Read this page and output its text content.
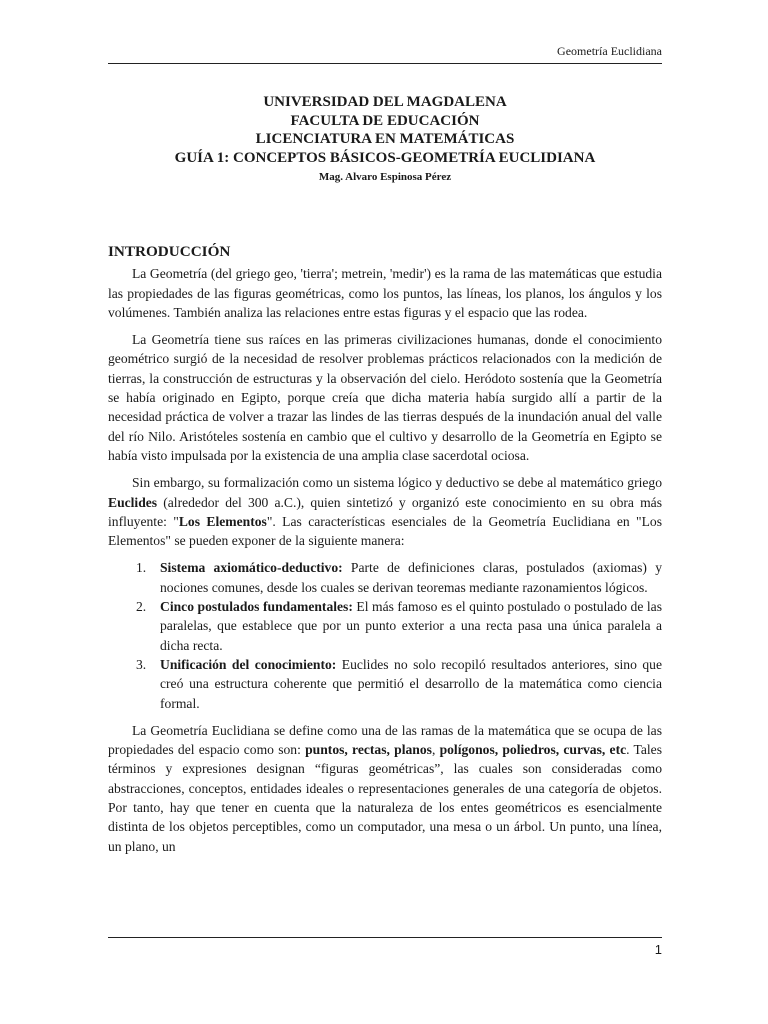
Geometría Euclidiana
UNIVERSIDAD DEL MAGDALENA
FACULTA DE EDUCACIÓN
LICENCIATURA EN MATEMÁTICAS
GUÍA 1: CONCEPTOS BÁSICOS-GEOMETRÍA EUCLIDIANA
Mag. Alvaro Espinosa Pérez
INTRODUCCIÓN

La Geometría (del griego geo, 'tierra'; metrein, 'medir') es la rama de las matemáticas que estudia las propiedades de las figuras geométricas, como los puntos, las líneas, los planos, los ángulos y los volúmenes. También analiza las relaciones entre estas figuras y el espacio que las rodea.

La Geometría tiene sus raíces en las primeras civilizaciones humanas, donde el conocimiento geométrico surgió de la necesidad de resolver problemas prácticos relacionados con la medición de tierras, la construcción de estructuras y la observación del cielo. Heródoto sostenía que la Geometría se había originado en Egipto, porque creía que dicha materia había surgido allí a partir de la necesidad práctica de volver a trazar las lindes de las tierras después de la inundación anual del valle del río Nilo. Aristóteles sostenía en cambio que el cultivo y desarrollo de la Geometría en Egipto se había visto impulsada por la existencia de una amplia clase sacerdotal ociosa.

Sin embargo, su formalización como un sistema lógico y deductivo se debe al matemático griego Euclides (alrededor del 300 a.C.), quien sintetizó y organizó este conocimiento en su obra más influyente: "Los Elementos". Las características esenciales de la Geometría Euclidiana en "Los Elementos" se pueden exponer de la siguiente manera:

1. Sistema axiomático-deductivo: Parte de definiciones claras, postulados (axiomas) y nociones comunes, desde los cuales se derivan teoremas mediante razonamientos lógicos.
2. Cinco postulados fundamentales: El más famoso es el quinto postulado o postulado de las paralelas, que establece que por un punto exterior a una recta pasa una única paralela a dicha recta.
3. Unificación del conocimiento: Euclides no solo recopiló resultados anteriores, sino que creó una estructura coherente que permitió el desarrollo de la matemática como ciencia formal.

La Geometría Euclidiana se define como una de las ramas de la matemática que se ocupa de las propiedades del espacio como son: puntos, rectas, planos, polígonos, poliedros, curvas, etc. Tales términos y expresiones designan “figuras geométricas”, las cuales son consideradas como abstracciones, conceptos, entidades ideales o representaciones generales de una categoría de objetos. Por tanto, hay que tener en cuenta que la naturaleza de los entes geométricos es esencialmente distinta de los objetos perceptibles, como un computador, una mesa o un árbol. Un punto, una línea, un plano, un

1
